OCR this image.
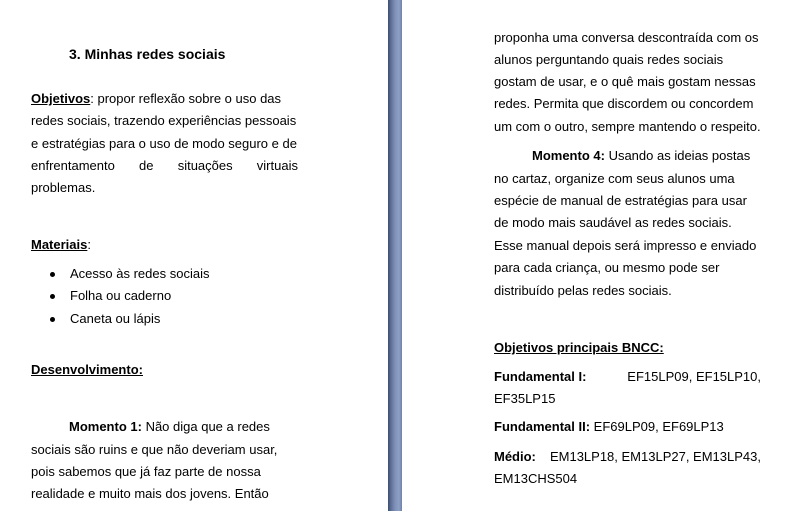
3. Minhas redes sociais
Objetivos: propor reflexão sobre o uso das
redes sociais, trazendo experiências pessoais
e estratégias para o uso de modo seguro e de
enfrentamento de situações virtuais
problemas.
Materiais:
Acesso às redes sociais
Folha ou caderno
Caneta ou lápis
Desenvolvimento:
Momento 1: Não diga que a redes
sociais são ruins e que não deveriam usar,
pois sabemos que já faz parte de nossa
realidade e muito mais dos jovens. Então
proponha uma conversa descontraída com os
alunos perguntando quais redes sociais
gostam de usar, e o quê mais gostam nessas
redes. Permita que discordem ou concordem
um com o outro, sempre mantendo o respeito.
Momento 4: Usando as ideias postas
no cartaz, organize com seus alunos uma
espécie de manual de estratégias para usar
de modo mais saudável as redes sociais.
Esse manual depois será impresso e enviado
para cada criança, ou mesmo pode ser
distribuído pelas redes sociais.
Objetivos principais BNCC:
Fundamental I:	EF15LP09, EF15LP10,
EF35LP15
Fundamental II: EF69LP09, EF69LP13
Médio: EM13LP18, EM13LP27, EM13LP43,
EM13CHS504
